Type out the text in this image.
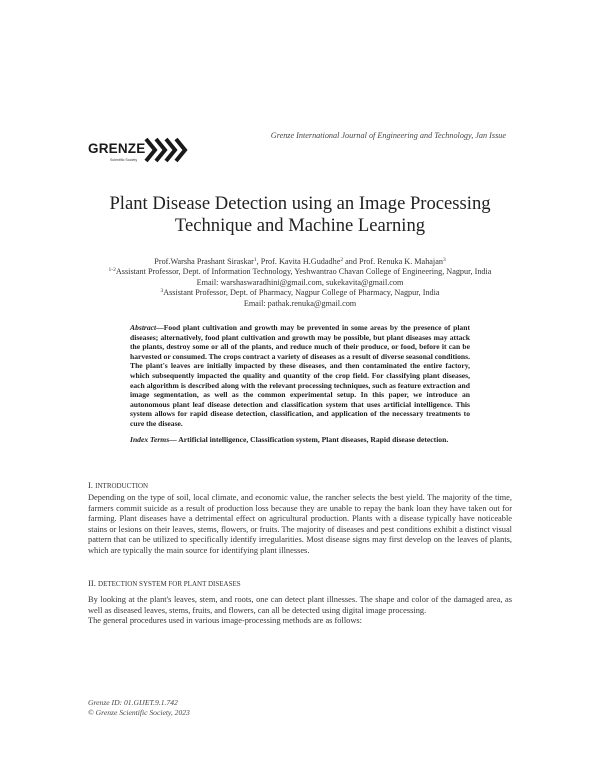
GRENZE
Scientific Society
Grenze International Journal of Engineering and Technology, Jan Issue
Plant Disease Detection using an Image Processing
Technique and Machine Learning

Prof.Warsha Prashant Siraskar$^1$, Prof. Kavita H.Gudadhe$^2$ and Prof. Renuka K. Mahajan$^3$

$^{1-2}$Assistant Professor, Dept. of Information Technology, Yeshwantrao Chavan College of Engineering, Nagpur, India

Email: warshaswaradhini@gmail.com, sukekavita@gmail.com

$^3$Assistant Professor, Dept. of Pharmacy, Nagpur College of Pharmacy, Nagpur, India

Email: pathak.renuka@gmail.com

Abstract—Food plant cultivation and growth may be prevented in some areas by the presence of plant diseases; alternatively, food plant cultivation and growth may be possible, but plant diseases may attack the plants, destroy some or all of the plants, and reduce much of their produce, or food, before it can be harvested or consumed. The crops contract a variety of diseases as a result of diverse seasonal conditions. The plant's leaves are initially impacted by these diseases, and then contaminated the entire factory, which subsequently impacted the quality and quantity of the crop field. For classifying plant diseases, each algorithm is described along with the relevant processing techniques, such as feature extraction and image segmentation, as well as the common experimental setup. In this paper, we introduce an autonomous plant leaf disease detection and classification system that uses artificial intelligence. This system allows for rapid disease detection, classification, and application of the necessary treatments to cure the disease.

Index Terms— Artificial intelligence, Classification system, Plant diseases, Rapid disease detection.

I. INTRODUCTION

Depending on the type of soil, local climate, and economic value, the rancher selects the best yield. The majority of the time, farmers commit suicide as a result of production loss because they are unable to repay the bank loan they have taken out for farming. Plant diseases have a detrimental effect on agricultural production. Plants with a disease typically have noticeable stains or lesions on their leaves, stems, flowers, or fruits. The majority of diseases and pest conditions exhibit a distinct visual pattern that can be utilized to specifically identify irregularities. Most disease signs may first develop on the leaves of plants, which are typically the main source for identifying plant illnesses.

II. DETECTION SYSTEM FOR PLANT DISEASES

By looking at the plant's leaves, stem, and roots, one can detect plant illnesses. The shape and color of the damaged area, as well as diseased leaves, stems, fruits, and flowers, can all be detected using digital image processing.

The general procedures used in various image-processing methods are as follows:

Grenze ID: 01.GIJET.9.1.742

© Grenze Scientific Society, 2023
